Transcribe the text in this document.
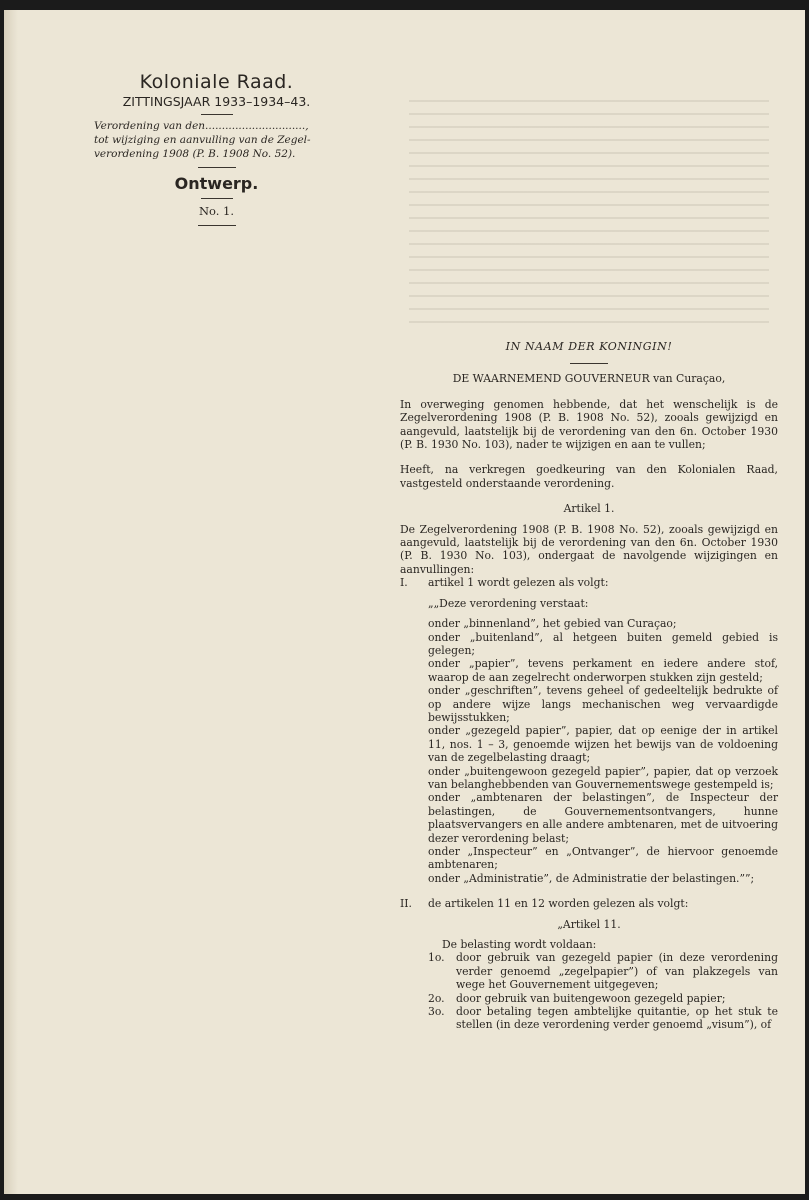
Koloniale Raad.

ZITTINGSJAAR 1933–1934–43.

Verordening van den..............................,

tot wijziging en aanvulling van de Zegel-

verordening 1908 (P. B. 1908 No. 52).

Ontwerp.

No. 1.

IN NAAM DER KONINGIN!
DE WAARNEMEND GOUVERNEUR van Curaçao,

In overweging genomen hebbende, dat het wenschelijk is de Zegelverordening 1908 (P. B. 1908 No. 52), zooals gewijzigd en aangevuld, laatstelijk bij de verordening van den 6n. October 1930 (P. B. 1930 No. 103), nader te wijzigen en aan te vullen;

Heeft, na verkregen goedkeuring van den Kolonialen Raad, vastgesteld onderstaande verordening.

Artikel 1.

De Zegelverordening 1908 (P. B. 1908 No. 52), zooals gewijzigd en aangevuld, laatstelijk bij de verordening van den 6n. October 1930 (P. B. 1930 No. 103), ondergaat de navolgende wijzigingen en aanvullingen:

I.	artikel 1 wordt gelezen als volgt:

„„Deze verordening verstaat:

onder „binnenland”, het gebied van Curaçao;

onder „buitenland”, al hetgeen buiten gemeld gebied is gelegen;

onder „papier”, tevens perkament en iedere andere stof, waarop de aan zegelrecht onderworpen stukken zijn gesteld;

onder „geschriften”, tevens geheel of gedeeltelijk bedrukte of op andere wijze langs mechanischen weg vervaardigde bewijsstukken;

onder „gezegeld papier”, papier, dat op eenige der in artikel 11, nos. 1 – 3, genoemde wijzen het bewijs van de voldoening van de zegelbelasting draagt;

onder „buitengewoon gezegeld papier”, papier, dat op verzoek van belanghebbenden van Gouvernementswege gestempeld is;

onder „ambtenaren der belastingen”, de Inspecteur der belastingen, de Gouvernementsontvangers, hunne plaatsvervangers en alle andere ambtenaren, met de uitvoering dezer verordening belast;

onder „Inspecteur” en „Ontvanger”, de hiervoor genoemde ambtenaren;

onder „Administratie”, de Administratie der belastingen.””;

II.	de artikelen 11 en 12 worden gelezen als volgt:
„Artikel 11.

De belasting wordt voldaan:

1o.	door gebruik van gezegeld papier (in deze verordening verder genoemd „zegelpapier”) of van plakzegels van wege het Gouvernement uitgegeven;
2o.	door gebruik van buitengewoon gezegeld papier;
3o.	door betaling tegen ambtelijke quitantie, op het stuk te stellen (in deze verordening verder genoemd „visum”), of
